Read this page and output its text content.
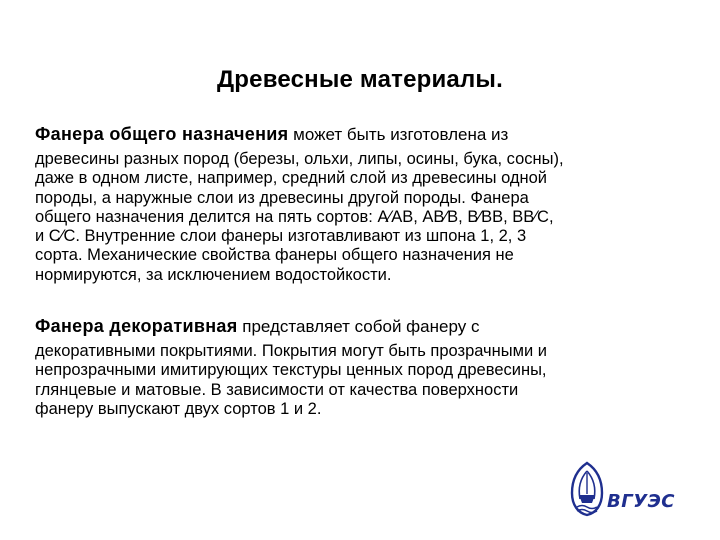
Древесные материалы.
Фанера общего назначения может быть изготовлена из
древесины разных пород (березы, ольхи, липы, осины, бука, сосны),
даже в одном листе, например, средний слой из древесины одной
породы, а наружные слои из древесины другой породы. Фанера
общего назначения делится на пять сортов: А⁄АВ, АВ⁄В, В⁄ВВ, ВВ⁄С,
и С⁄С. Внутренние слои фанеры изготавливают из шпона 1, 2, 3
сорта. Механические свойства фанеры общего назначения не
нормируются, за исключением водостойкости.
Фанера декоративная представляет собой фанеру с
декоративными покрытиями. Покрытия могут быть прозрачными и
непрозрачными имитирующих текстуры ценных пород древесины,
глянцевые и матовые. В зависимости от качества поверхности
фанеру выпускают двух сортов 1 и 2.
ВГУЭС
